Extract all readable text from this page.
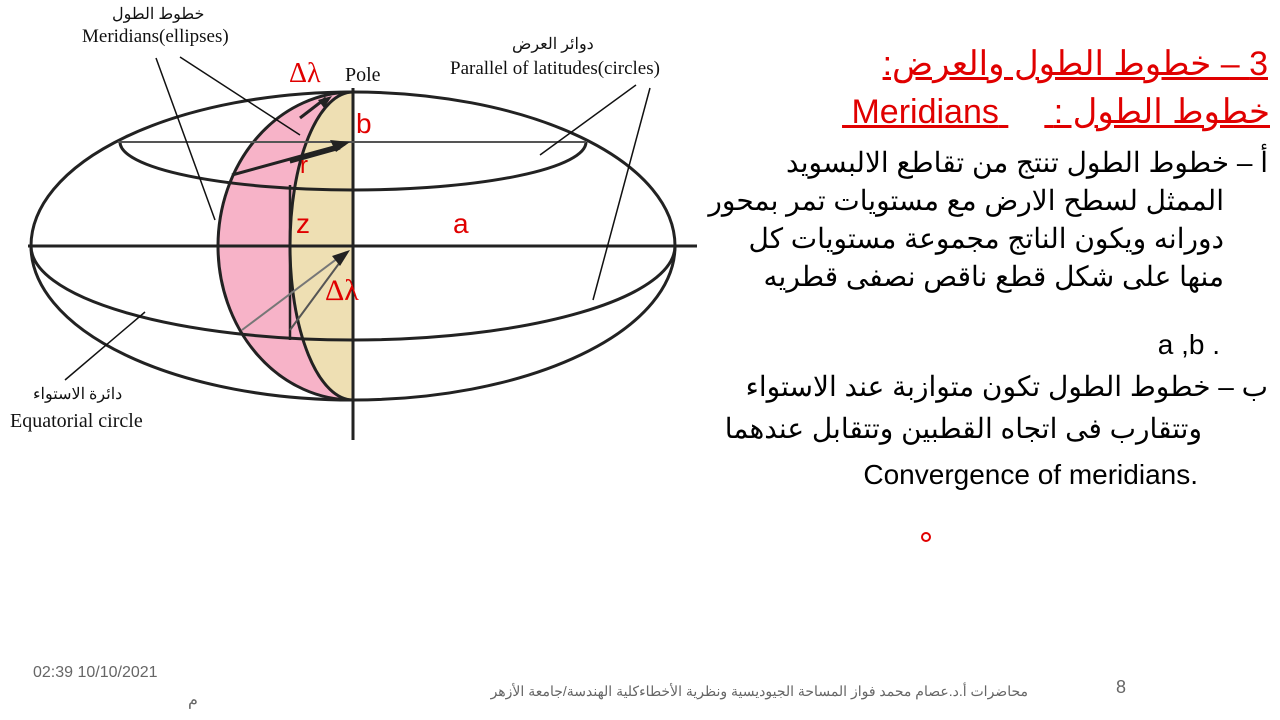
خطوط الطول
Meridians(ellipses)	دوائر العرض
Parallel of latitudes(circles)
دائرة الاستواء
Equatorial circle
Pole
Δλ
Δλ
b
r
z	a
3 – خطوط الطول والعرض:
خطوط الطول :  Meridians
أ – خطوط الطول تنتج من تقاطع الالبسويد
الممثل لسطح الارض مع مستويات تمر بمحور
دورانه ويكون الناتج مجموعة مستويات كل
منها على شكل قطع ناقص نصفى قطريه
a ,b .
ب – خطوط الطول تكون متوازبة عند الاستواء
وتتقارب فى اتجاه القطبين وتتقابل عندهما
Convergence of meridians.
02:39 10/10/2021
م
محاضرات أ.د.عصام محمد فواز المساحة الجيوديسية ونظرية الأخطاءكلية الهندسة/جامعة الأزهر	8
